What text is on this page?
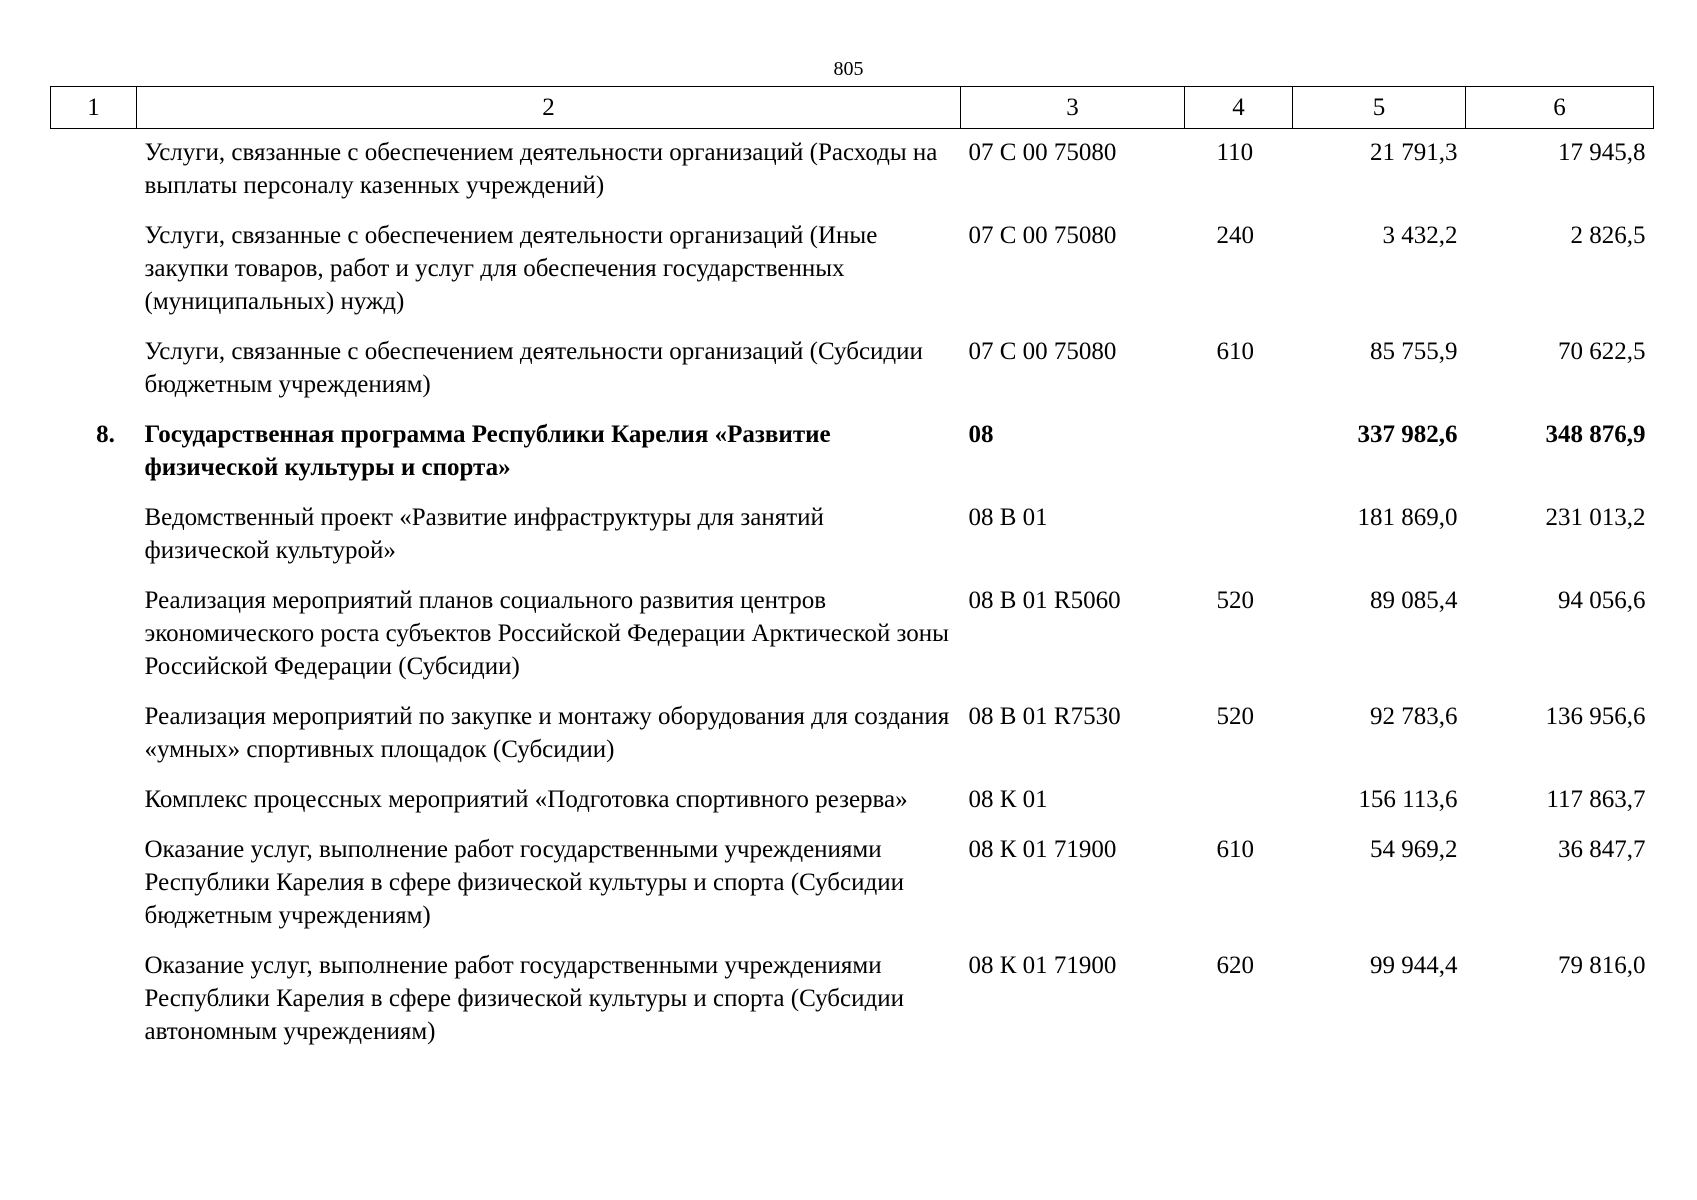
805
1	2	3	4	5	6
	Услуги, связанные с обеспечением деятельности организаций (Расходы на выплаты персоналу казенных учреждений)	07 С 00 75080	110	21 791,3	17 945,8
	Услуги, связанные с обеспечением деятельности организаций (Иные закупки товаров, работ и услуг для обеспечения государственных (муниципальных) нужд)	07 С 00 75080	240	3 432,2	2 826,5
	Услуги, связанные с обеспечением деятельности организаций (Субсидии бюджетным учреждениям)	07 С 00 75080	610	85 755,9	70 622,5
8.	Государственная программа Республики Карелия «Развитие физической культуры и спорта»	08		337 982,6	348 876,9
	Ведомственный проект «Развитие инфраструктуры для занятий физической культурой»	08 В 01		181 869,0	231 013,2
	Реализация мероприятий планов социального развития центров экономического роста субъектов Российской Федерации Арктической зоны Российской Федерации (Субсидии)	08 В 01 R5060	520	89 085,4	94 056,6
	Реализация мероприятий по закупке и монтажу оборудования для создания «умных» спортивных площадок (Субсидии)	08 В 01 R7530	520	92 783,6	136 956,6
	Комплекс процессных мероприятий «Подготовка спортивного резерва»	08 К 01		156 113,6	117 863,7
	Оказание услуг, выполнение работ государственными учреждениями Республики Карелия в сфере физической культуры и спорта (Субсидии бюджетным учреждениям)	08 К 01 71900	610	54 969,2	36 847,7
	Оказание услуг, выполнение работ государственными учреждениями Республики Карелия в сфере физической культуры и спорта (Субсидии автономным учреждениям)	08 К 01 71900	620	99 944,4	79 816,0
